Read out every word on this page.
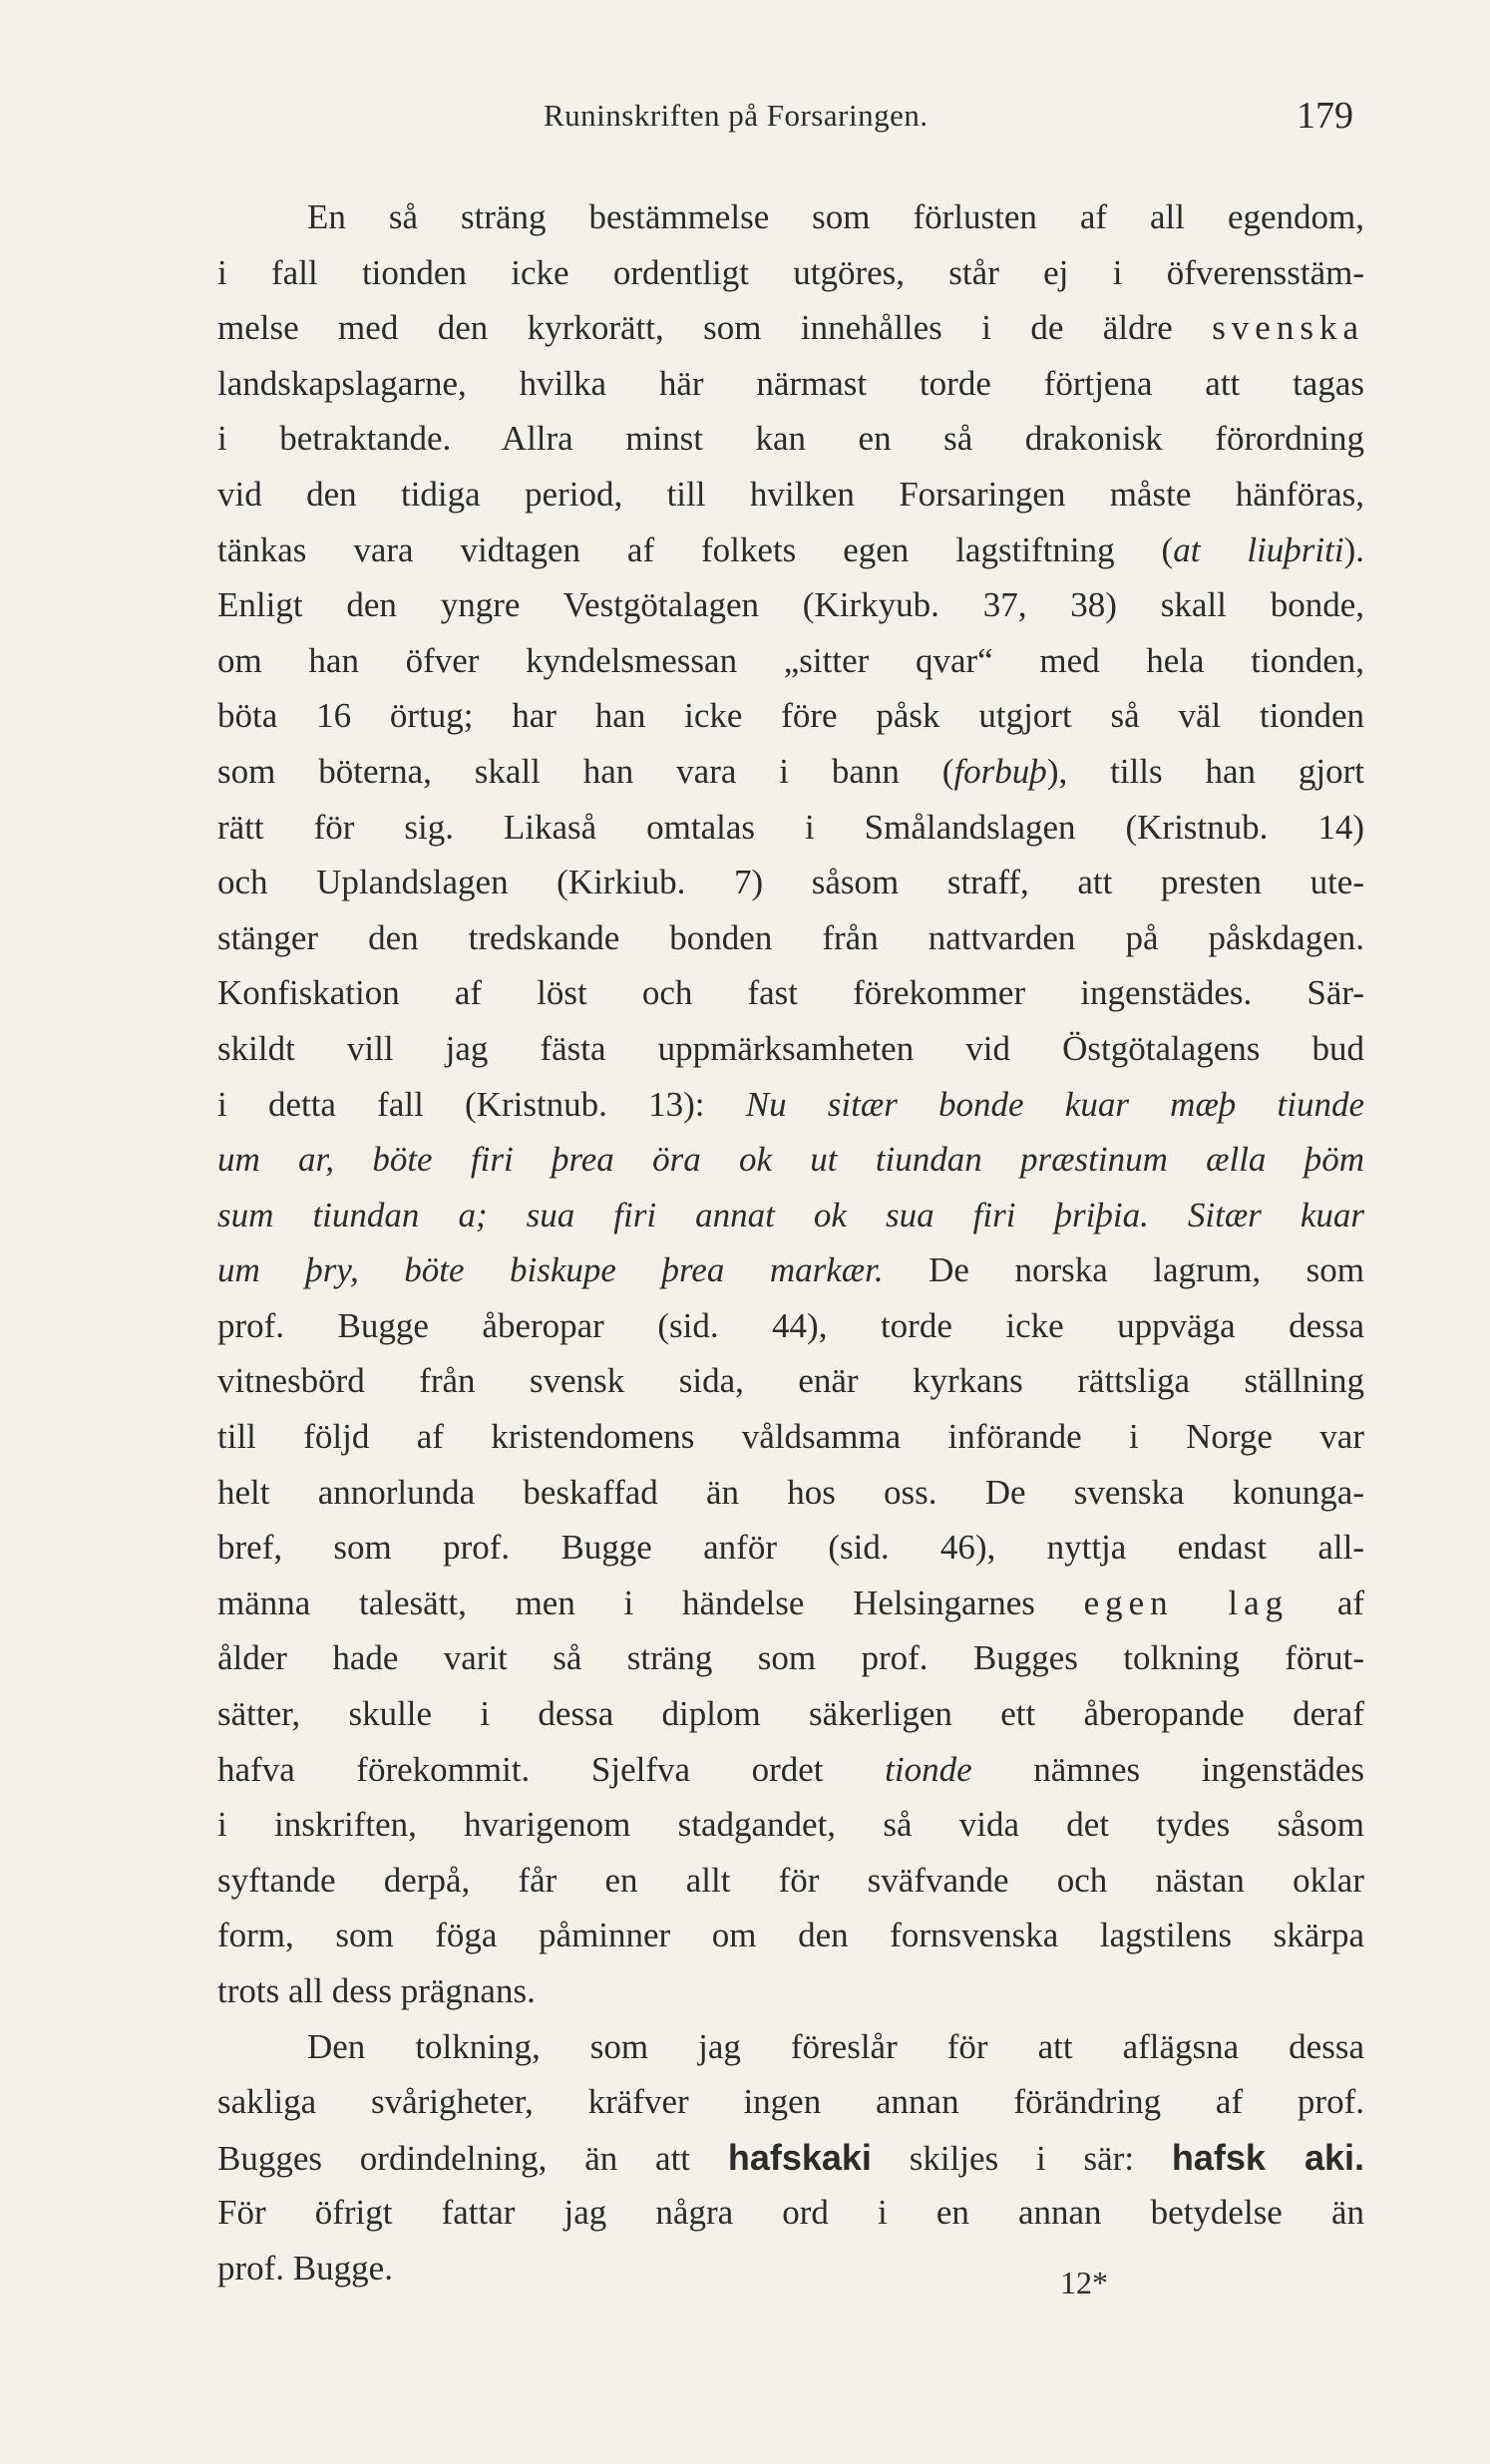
Runinskriften på Forsaringen.	179
En så sträng bestämmelse som förlusten af all egendom,
i fall tionden icke ordentligt utgöres, står ej i öfverensstäm-
melse med den kyrkorätt, som innehålles i de äldre svenska
landskapslagarne, hvilka här närmast torde förtjena att tagas
i betraktande. Allra minst kan en så drakonisk förordning
vid den tidiga period, till hvilken Forsaringen måste hänföras,
tänkas vara vidtagen af folkets egen lagstiftning (at liuþriti).
Enligt den yngre Vestgötalagen (Kirkyub. 37, 38) skall bonde,
om han öfver kyndelsmessan „sitter qvar“ med hela tionden,
böta 16 örtug; har han icke före påsk utgjort så väl tionden
som böterna, skall han vara i bann (forbuþ), tills han gjort
rätt för sig. Likaså omtalas i Smålandslagen (Kristnub. 14)
och Uplandslagen (Kirkiub. 7) såsom straff, att presten ute-
stänger den tredskande bonden från nattvarden på påskdagen.
Konfiskation af löst och fast förekommer ingenstädes. Sär-
skildt vill jag fästa uppmärksamheten vid Östgötalagens bud
i detta fall (Kristnub. 13): Nu sitær bonde kuar mæþ tiunde
um ar, böte firi þrea öra ok ut tiundan præstinum ælla þöm
sum tiundan a; sua firi annat ok sua firi þriþia. Sitær kuar
um þry, böte biskupe þrea markær. De norska lagrum, som
prof. Bugge åberopar (sid. 44), torde icke uppväga dessa
vitnesbörd från svensk sida, enär kyrkans rättsliga ställning
till följd af kristendomens våldsamma införande i Norge var
helt annorlunda beskaffad än hos oss. De svenska konunga-
bref, som prof. Bugge anför (sid. 46), nyttja endast all-
männa talesätt, men i händelse Helsingarnes egen lag af
ålder hade varit så sträng som prof. Bugges tolkning förut-
sätter, skulle i dessa diplom säkerligen ett åberopande deraf
hafva förekommit. Sjelfva ordet tionde nämnes ingenstädes
i inskriften, hvarigenom stadgandet, så vida det tydes såsom
syftande derpå, får en allt för sväfvande och nästan oklar
form, som föga påminner om den fornsvenska lagstilens skärpa
trots all dess prägnans.
Den tolkning, som jag föreslår för att aflägsna dessa
sakliga svårigheter, kräfver ingen annan förändring af prof.
Bugges ordindelning, än att hafskaki skiljes i sär: hafsk aki.
För öfrigt fattar jag några ord i en annan betydelse än
prof. Bugge.	12*
